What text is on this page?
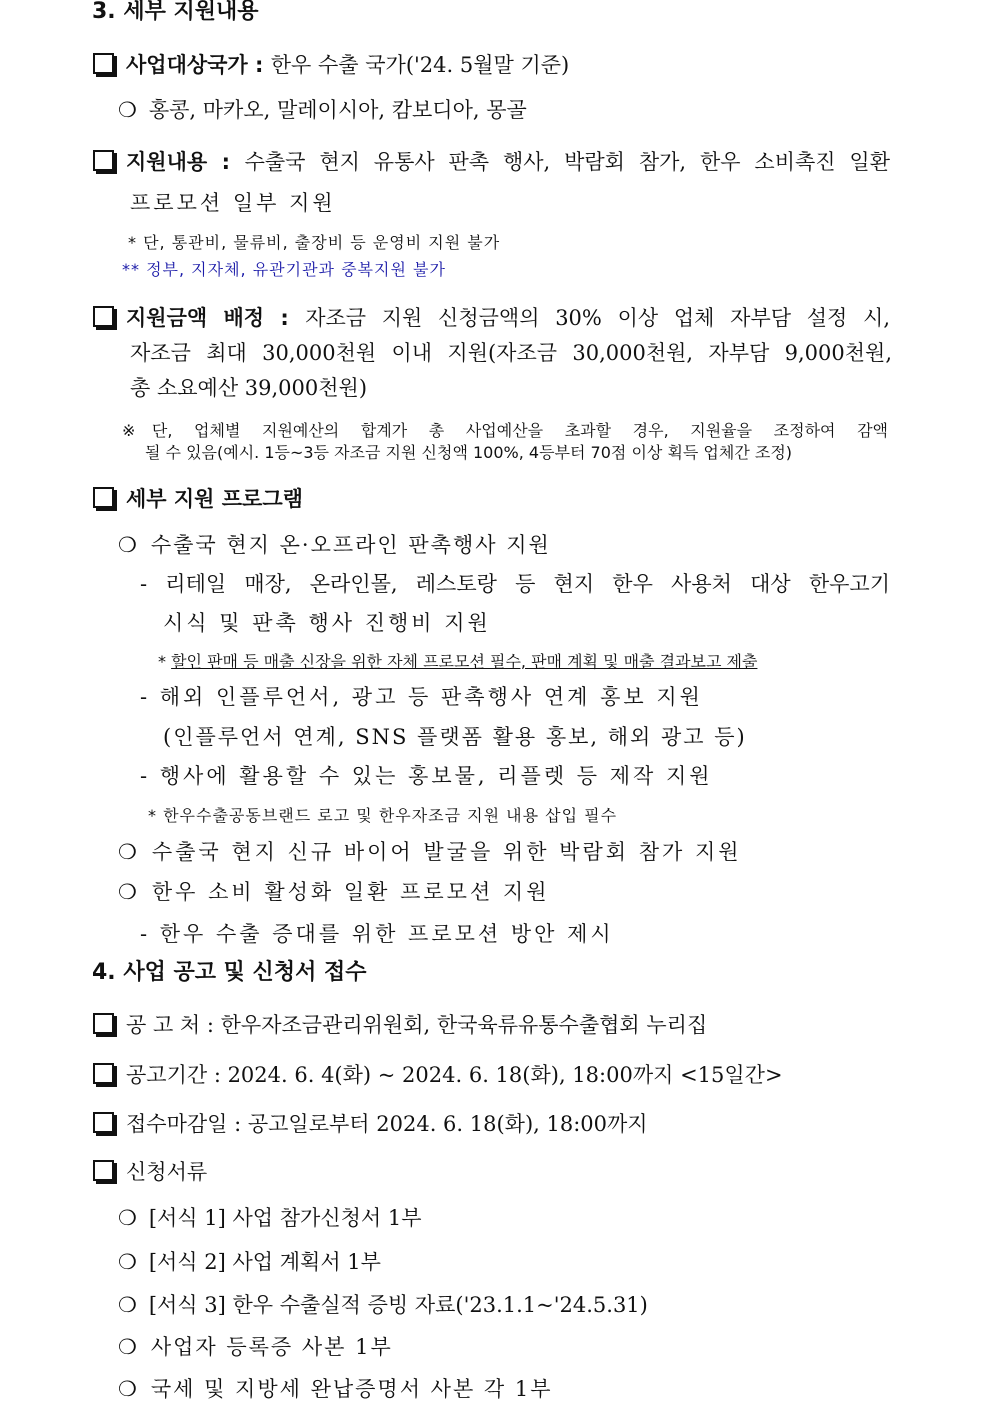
3. 세부 지원내용
사업대상국가 : 한우 수출 국가('24. 5월말 기준)
❍ 홍콩, 마카오, 말레이시아, 캄보디아, 몽골
지원내용 : 수출국 현지 유통사 판촉 행사, 박람회 참가, 한우 소비촉진 일환
프로모션 일부 지원
* 단, 통관비, 물류비, 출장비 등 운영비 지원 불가
** 정부, 지자체, 유관기관과 중복지원 불가
지원금액 배정 : 자조금 지원 신청금액의 30% 이상 업체 자부담 설정 시,
자조금 최대 30,000천원 이내 지원(자조금 30,000천원, 자부담 9,000천원,
총 소요예산 39,000천원)
※단, 업체별 지원예산의 합계가 총 사업예산을 초과할 경우, 지원율을 조정하여 감액
될 수 있음(예시. 1등~3등 자조금 지원 신청액 100%, 4등부터 70점 이상 획득 업체간 조정)
세부 지원 프로그램
❍ 수출국 현지 온·오프라인 판촉행사 지원
- 리테일 매장, 온라인몰, 레스토랑 등 현지 한우 사용처 대상 한우고기
시식 및 판촉 행사 진행비 지원
* 할인 판매 등 매출 신장을 위한 자체 프로모션 필수, 판매 계획 및 매출 결과보고 제출
- 해외 인플루언서, 광고 등 판촉행사 연계 홍보 지원
(인플루언서 연계, SNS 플랫폼 활용 홍보, 해외 광고 등)
- 행사에 활용할 수 있는 홍보물, 리플렛 등 제작 지원
* 한우수출공동브랜드 로고 및 한우자조금 지원 내용 삽입 필수
❍ 수출국 현지 신규 바이어 발굴을 위한 박람회 참가 지원
❍ 한우 소비 활성화 일환 프로모션 지원
- 한우 수출 증대를 위한 프로모션 방안 제시
4. 사업 공고 및 신청서 접수
공 고 처 : 한우자조금관리위원회, 한국육류유통수출협회 누리집
공고기간 : 2024. 6. 4(화) ~ 2024. 6. 18(화), 18:00까지 <15일간>
접수마감일 : 공고일로부터 2024. 6. 18(화), 18:00까지
신청서류
❍ [서식 1] 사업 참가신청서 1부
❍ [서식 2] 사업 계획서 1부
❍ [서식 3] 한우 수출실적 증빙 자료('23.1.1~'24.5.31)
❍ 사업자 등록증 사본 1부
❍ 국세 및 지방세 완납증명서 사본 각 1부
